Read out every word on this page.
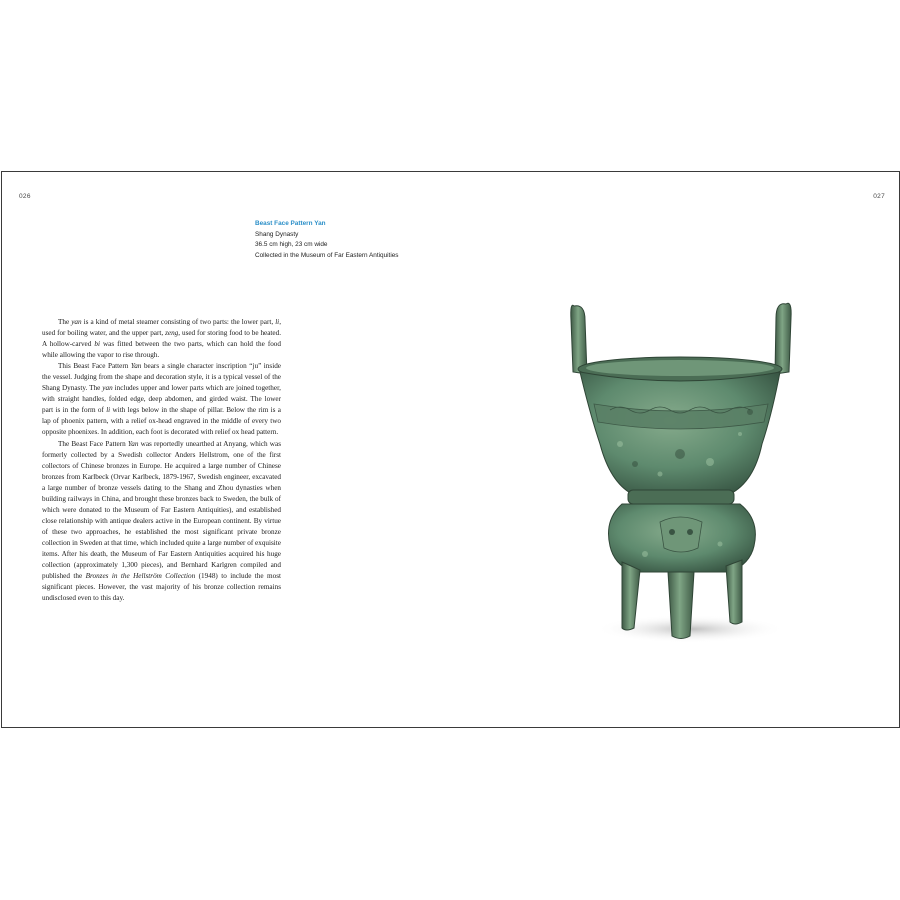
026	027
Beast Face Pattern Yan
Shang Dynasty
36.5 cm high, 23 cm wide
Collected in the Museum of Far Eastern Antiquities

The yan is a kind of metal steamer consisting of two parts: the lower part, li, used for boiling water, and the upper part, zeng, used for storing food to be heated. A hollow-carved bi was fitted between the two parts, which can hold the food while allowing the vapor to rise through.

This Beast Face Pattern Yan bears a single character inscription “ju” inside the vessel. Judging from the shape and decoration style, it is a typical vessel of the Shang Dynasty. The yan includes upper and lower parts which are joined together, with straight handles, folded edge, deep abdomen, and girded waist. The lower part is in the form of li with legs below in the shape of pillar. Below the rim is a lap of phoenix pattern, with a relief ox-head engraved in the middle of every two opposite phoenixes. In addition, each foot is decorated with relief ox head pattern.

The Beast Face Pattern Yan was reportedly unearthed at Anyang, which was formerly collected by a Swedish collector Anders Hellstrom, one of the first collectors of Chinese bronzes in Europe. He acquired a large number of Chinese bronzes from Karlbeck (Orvar Karlbeck, 1879-1967, Swedish engineer, excavated a large number of bronze vessels dating to the Shang and Zhou dynasties when building railways in China, and brought these bronzes back to Sweden, the bulk of which were donated to the Museum of Far Eastern Antiquities), and established close relationship with antique dealers active in the European continent. By virtue of these two approaches, he established the most significant private bronze collection in Sweden at that time, which included quite a large number of exquisite items. After his death, the Museum of Far Eastern Antiquities acquired his huge collection (approximately 1,300 pieces), and Bernhard Karlgren compiled and published the Bronzes in the Hellström Collection (1948) to include the most significant pieces. However, the vast majority of his bronze collection remains undisclosed even to this day.
